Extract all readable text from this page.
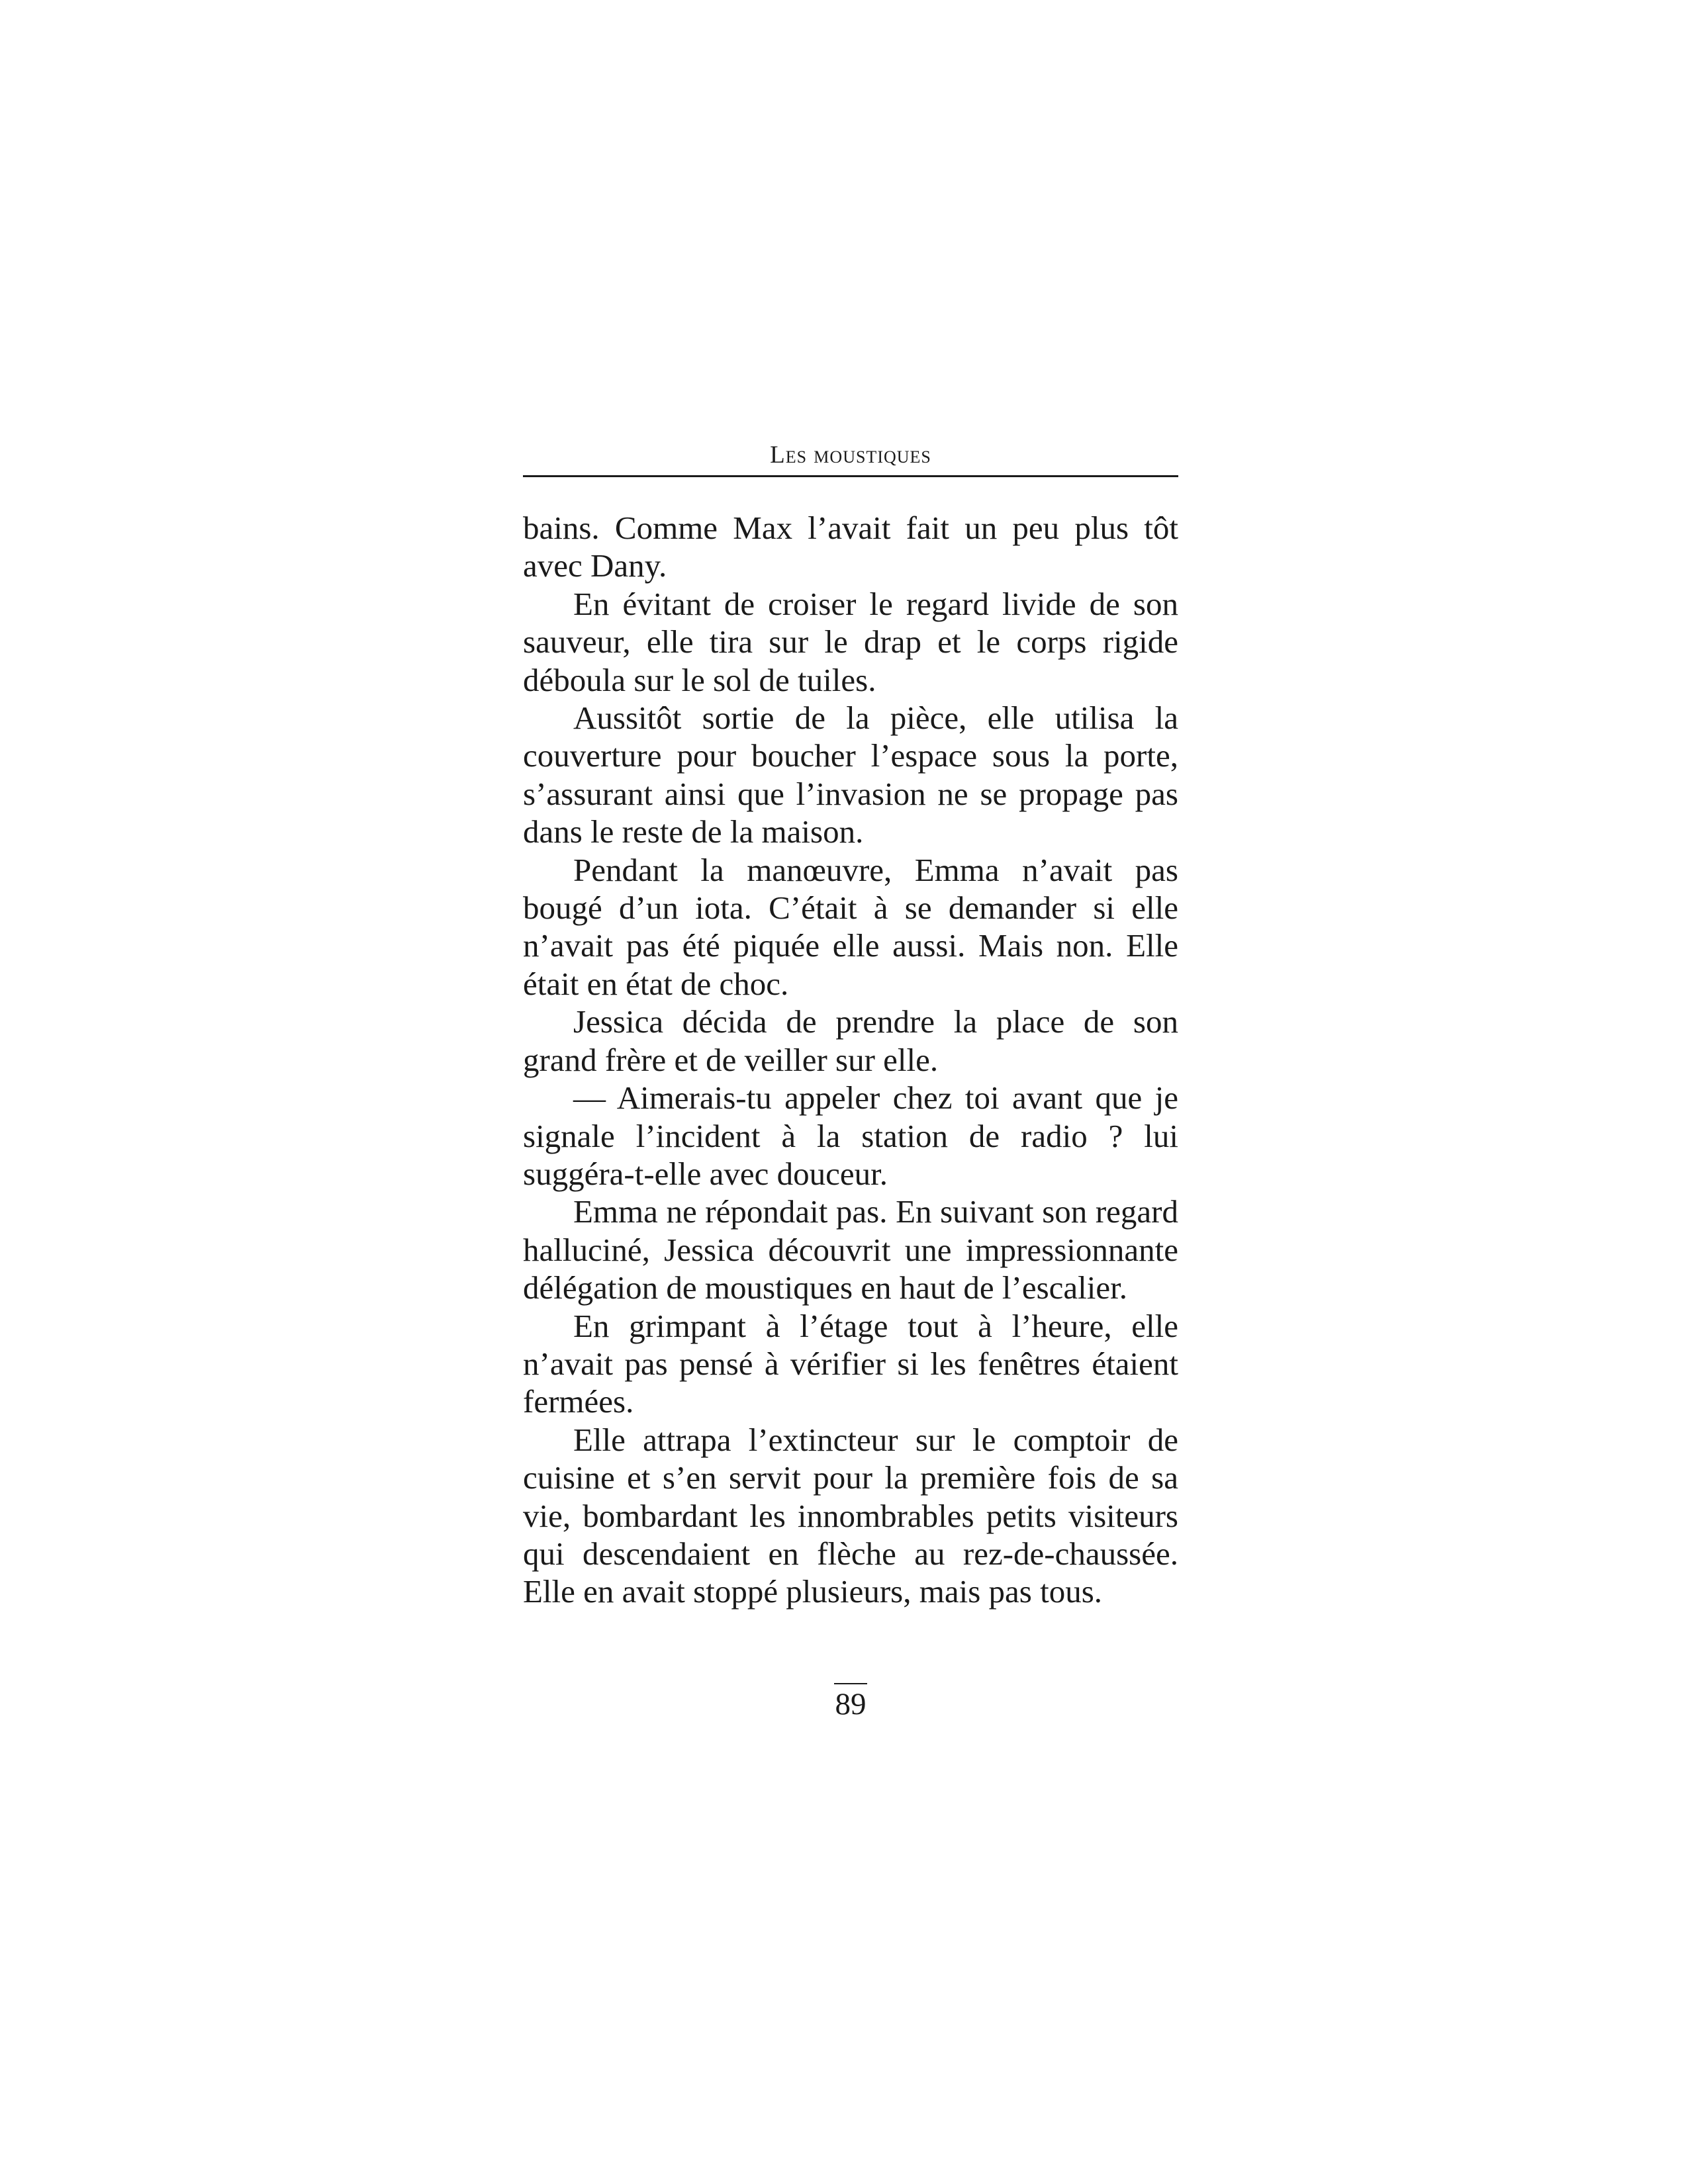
Les moustiques

bains. Comme Max l’avait fait un peu plus tôt avec Dany.

En évitant de croiser le regard livide de son sauveur, elle tira sur le drap et le corps rigide déboula sur le sol de tuiles.

Aussitôt sortie de la pièce, elle utilisa la couverture pour boucher l’espace sous la porte, s’assurant ainsi que l’invasion ne se propage pas dans le reste de la maison.

Pendant la manœuvre, Emma n’avait pas bougé d’un iota. C’était à se demander si elle n’avait pas été piquée elle aussi. Mais non. Elle était en état de choc.

Jessica décida de prendre la place de son grand frère et de veiller sur elle.

— Aimerais-tu appeler chez toi avant que je signale l’incident à la station de radio ? lui suggéra-t-elle avec douceur.

Emma ne répondait pas. En suivant son regard halluciné, Jessica découvrit une impressionnante délégation de moustiques en haut de l’escalier.

En grimpant à l’étage tout à l’heure, elle n’avait pas pensé à vérifier si les fenêtres étaient fermées.

Elle attrapa l’extincteur sur le comptoir de cuisine et s’en servit pour la première fois de sa vie, bombardant les innombrables petits visiteurs qui descendaient en flèche au rez-de-chaussée. Elle en avait stoppé plusieurs, mais pas tous.

89
